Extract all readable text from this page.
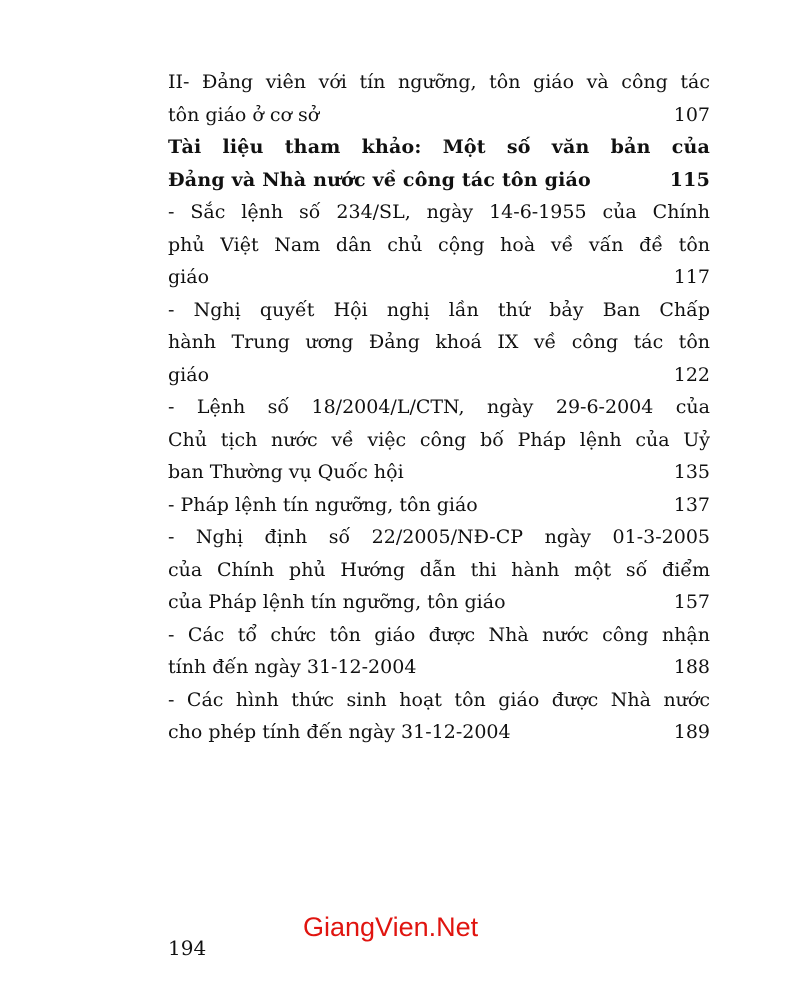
II- Đảng viên với tín ngưỡng, tôn giáo và công tác
tôn giáo ở cơ sở	107
Tài liệu tham khảo: Một số văn bản của
Đảng và Nhà nước về công tác tôn giáo	115
- Sắc lệnh số 234/SL, ngày 14-6-1955 của Chính
phủ Việt Nam dân chủ cộng hoà về vấn đề tôn
giáo	117
- Nghị quyết Hội nghị lần thứ bảy Ban Chấp
hành Trung ương Đảng khoá IX về công tác tôn
giáo	122
- Lệnh số 18/2004/L/CTN, ngày 29-6-2004 của
Chủ tịch nước về việc công bố Pháp lệnh của Uỷ
ban Thường vụ Quốc hội	135
- Pháp lệnh tín ngưỡng, tôn giáo	137
- Nghị định số 22/2005/NĐ-CP ngày 01-3-2005
của Chính phủ Hướng dẫn thi hành một số điểm
của Pháp lệnh tín ngưỡng, tôn giáo	157
- Các tổ chức tôn giáo được Nhà nước công nhận
tính đến ngày 31-12-2004	188
- Các hình thức sinh hoạt tôn giáo được Nhà nước
cho phép tính đến ngày 31-12-2004	189
GiangVien.Net
194
